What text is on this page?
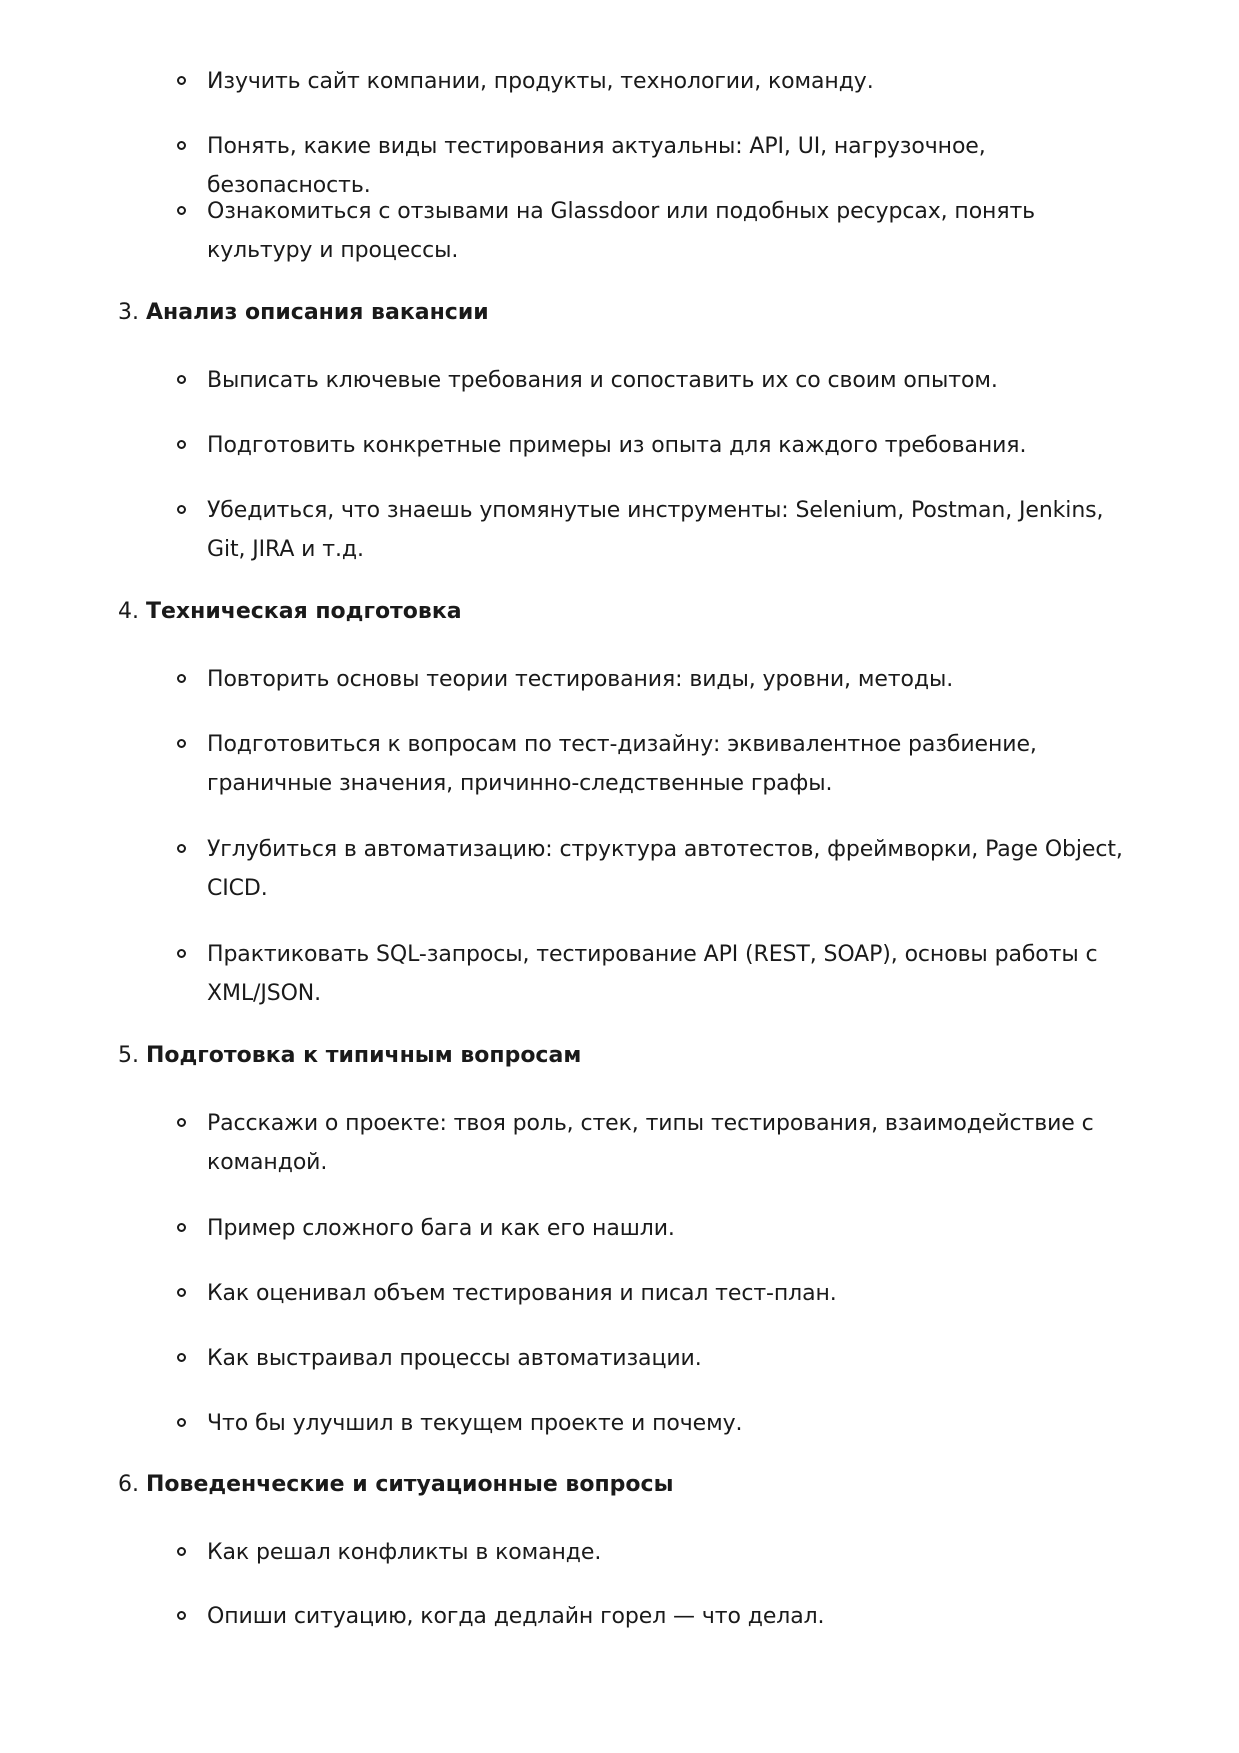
Изучить сайт компании, продукты, технологии, команду.
Понять, какие виды тестирования актуальны: API, UI, нагрузочное, безопасность.
Ознакомиться с отзывами на Glassdoor или подобных ресурсах, понять культуру и процессы.
3. Анализ описания вакансии
Выписать ключевые требования и сопоставить их со своим опытом.
Подготовить конкретные примеры из опыта для каждого требования.
Убедиться, что знаешь упомянутые инструменты: Selenium, Postman, Jenkins, Git, JIRA и т.д.
4. Техническая подготовка
Повторить основы теории тестирования: виды, уровни, методы.
Подготовиться к вопросам по тест-дизайну: эквивалентное разбиение, граничные значения, причинно-следственные графы.
Углубиться в автоматизацию: структура автотестов, фреймворки, Page Object, CICD.
Практиковать SQL-запросы, тестирование API (REST, SOAP), основы работы с XML/JSON.
5. Подготовка к типичным вопросам
Расскажи о проекте: твоя роль, стек, типы тестирования, взаимодействие с командой.
Пример сложного бага и как его нашли.
Как оценивал объем тестирования и писал тест-план.
Как выстраивал процессы автоматизации.
Что бы улучшил в текущем проекте и почему.
6. Поведенческие и ситуационные вопросы
Как решал конфликты в команде.
Опиши ситуацию, когда дедлайн горел — что делал.
